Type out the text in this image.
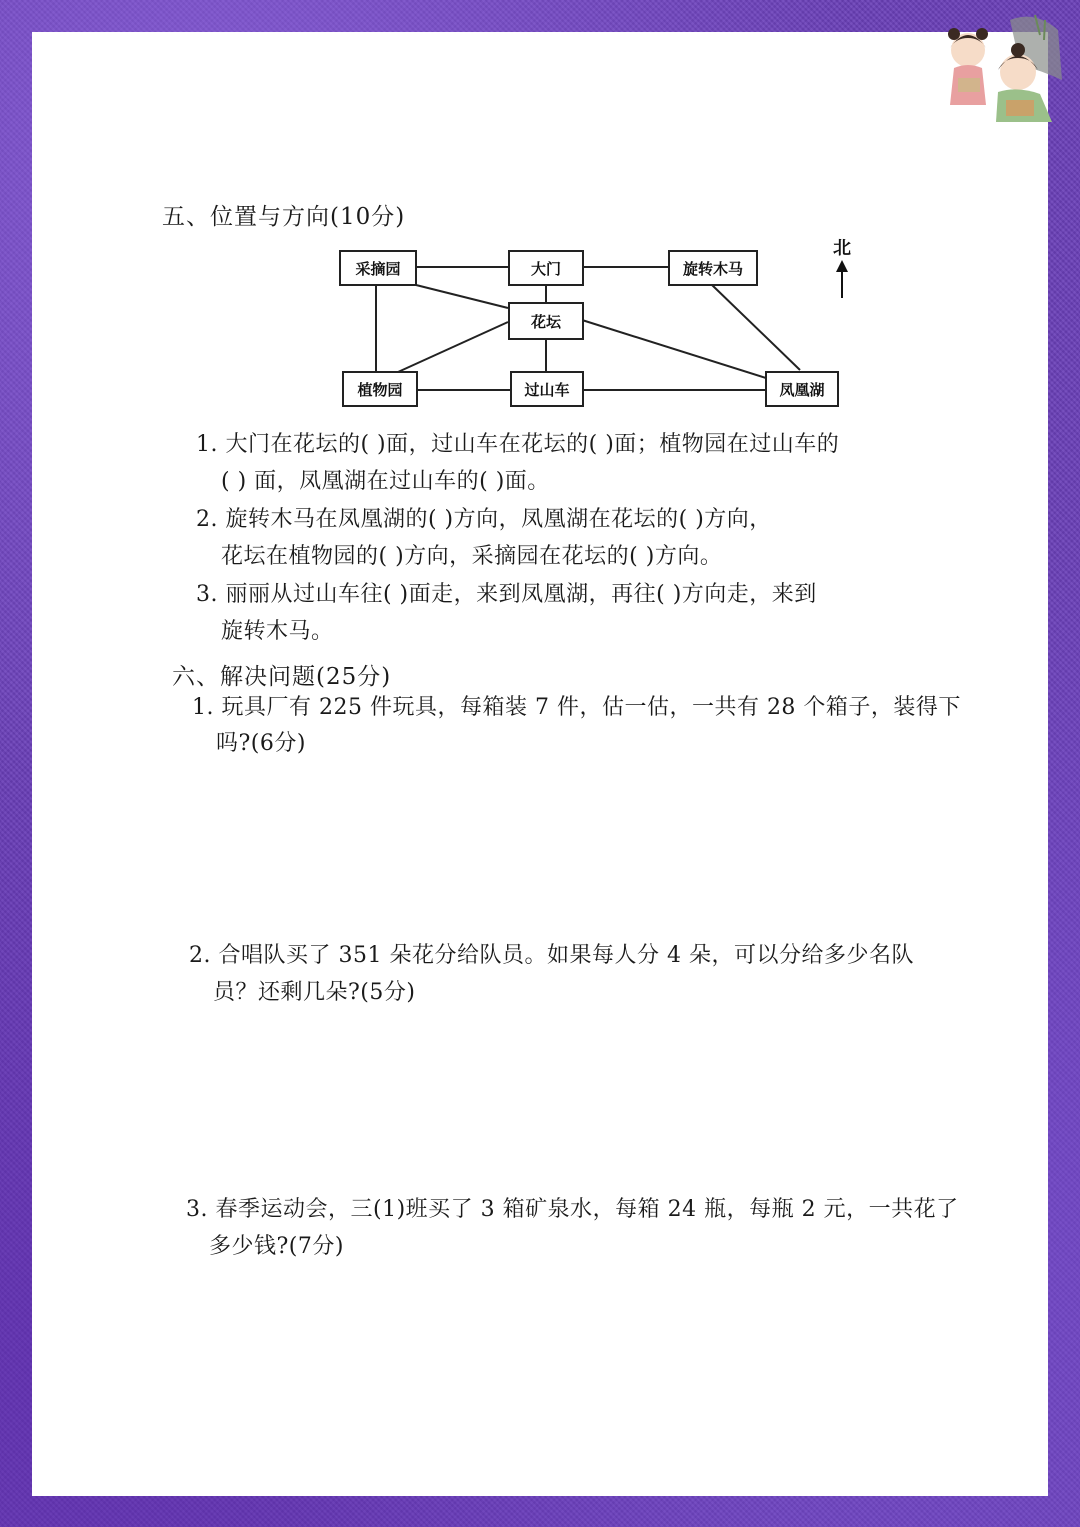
五、位置与方向(10分)
采摘园	大门	旋转木马
花坛
植物园	过山车	凤凰湖
北
1. 大门在花坛的( )面，过山车在花坛的( )面；植物园在过山车的
( ) 面，凤凰湖在过山车的( )面。
2. 旋转木马在凤凰湖的( )方向，凤凰湖在花坛的( )方向，
花坛在植物园的( )方向，采摘园在花坛的( )方向。
3. 丽丽从过山车往( )面走，来到凤凰湖，再往( )方向走，来到
旋转木马。
六、解决问题(25分)
1. 玩具厂有 225 件玩具，每箱装 7 件，估一估，一共有 28 个箱子，装得下
吗?(6分)
2. 合唱队买了 351 朵花分给队员。如果每人分 4 朵，可以分给多少名队
员？还剩几朵?(5分)
3. 春季运动会，三(1)班买了 3 箱矿泉水，每箱 24 瓶，每瓶 2 元，一共花了
多少钱?(7分)
